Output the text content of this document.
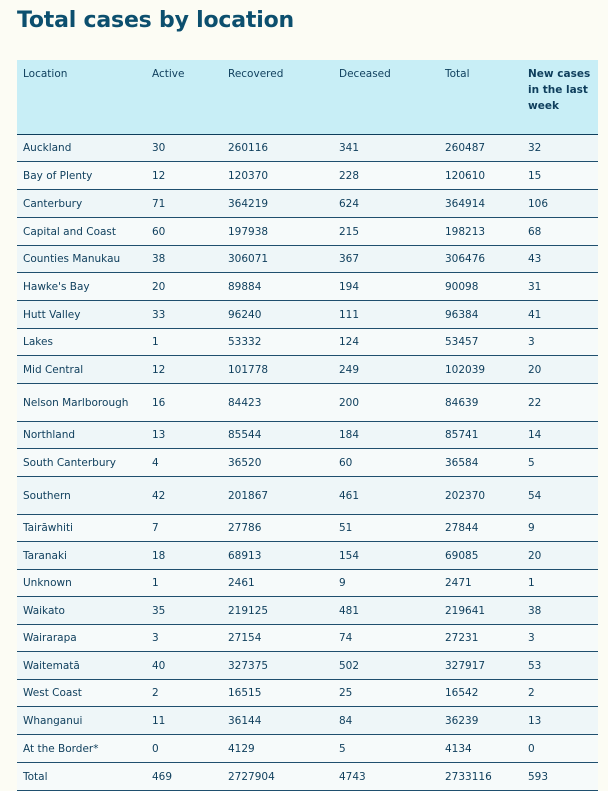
Total cases by location
Location	Active	Recovered	Deceased	Total	New cases in the last week
Auckland	30	260116	341	260487	32
Bay of Plenty	12	120370	228	120610	15
Canterbury	71	364219	624	364914	106
Capital and Coast	60	197938	215	198213	68
Counties Manukau	38	306071	367	306476	43
Hawke's Bay	20	89884	194	90098	31
Hutt Valley	33	96240	111	96384	41
Lakes	1	53332	124	53457	3
Mid Central	12	101778	249	102039	20
Nelson Marlborough	16	84423	200	84639	22
Northland	13	85544	184	85741	14
South Canterbury	4	36520	60	36584	5
Southern	42	201867	461	202370	54
Tairāwhiti	7	27786	51	27844	9
Taranaki	18	68913	154	69085	20
Unknown	1	2461	9	2471	1
Waikato	35	219125	481	219641	38
Wairarapa	3	27154	74	27231	3
Waitematā	40	327375	502	327917	53
West Coast	2	16515	25	16542	2
Whanganui	11	36144	84	36239	13
At the Border*	0	4129	5	4134	0
Total	469	2727904	4743	2733116	593
